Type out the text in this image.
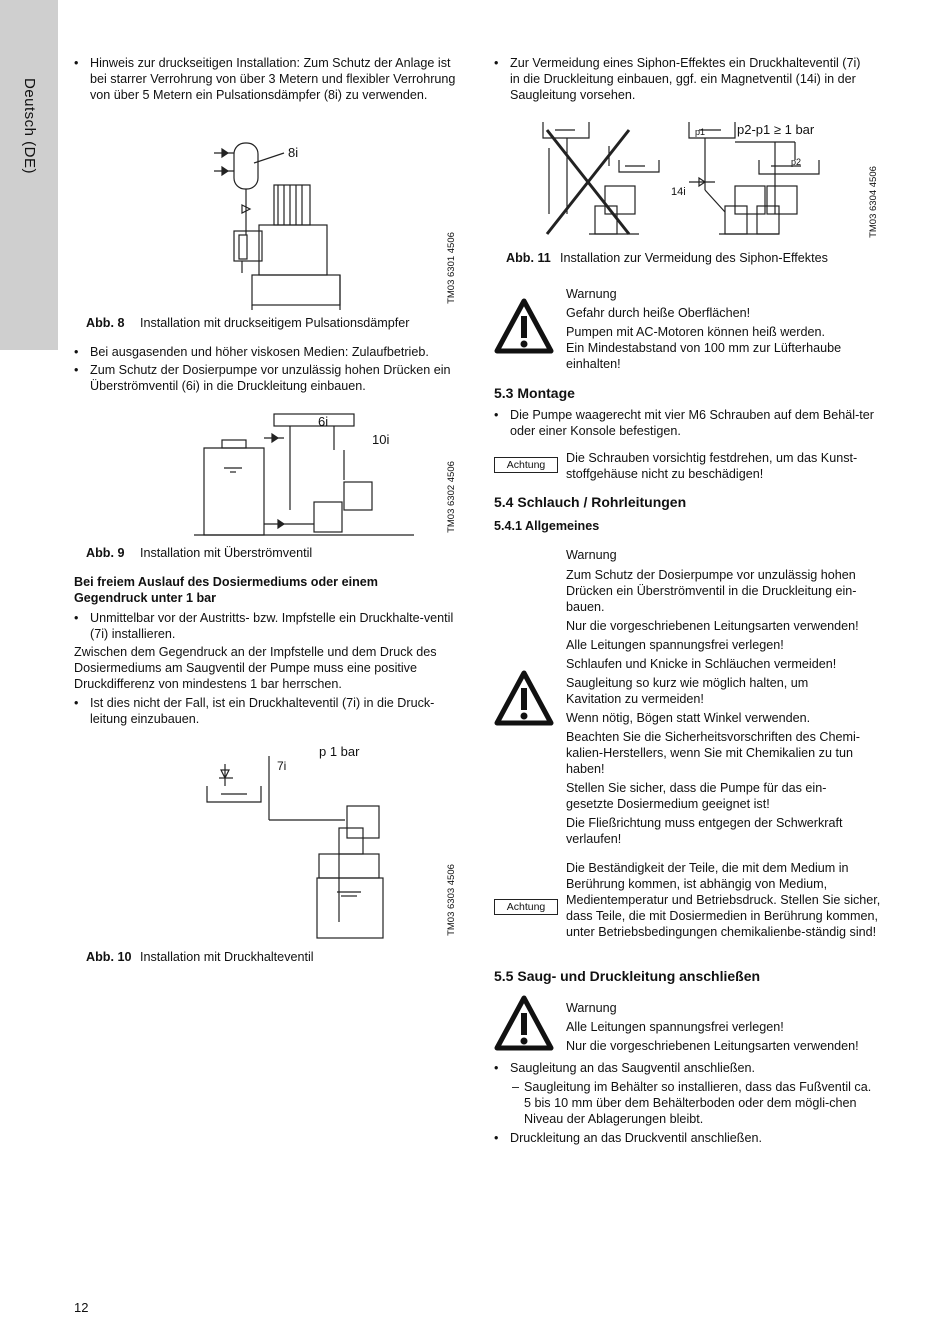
Deutsch (DE)
• Hinweis zur druckseitigen Installation: Zum Schutz der Anlage ist bei starrer Verrohrung von über 3 Metern und flexibler Verrohrung von über 5 Metern ein Pulsationsdämpfer (8i) zu verwenden.
8i
TM03 6301 4506
Abb. 8 Installation mit druckseitigem Pulsationsdämpfer
• Bei ausgasenden und höher viskosen Medien: Zulaufbetrieb.
• Zum Schutz der Dosierpumpe vor unzulässig hohen Drücken ein Überströmventil (6i) in die Druckleitung einbauen.
6i
10i
TM03 6302 4506
Abb. 9 Installation mit Überströmventil
Bei freiem Auslauf des Dosiermediums oder einem Gegendruck unter 1 bar
• Unmittelbar vor der Austritts- bzw. Impfstelle ein Druckhalte-ventil (7i) installieren.
Zwischen dem Gegendruck an der Impfstelle und dem Druck des Dosiermediums am Saugventil der Pumpe muss eine positive Druckdifferenz von mindestens 1 bar herrschen.
• Ist dies nicht der Fall, ist ein Druckhalteventil (7i) in die Druck-leitung einzubauen.
7i
p 1 bar
TM03 6303 4506
Abb. 10 Installation mit Druckhalteventil
• Zur Vermeidung eines Siphon-Effektes ein Druckhalteventil (7i) in die Druckleitung einbauen, ggf. ein Magnetventil (14i) in der Saugleitung vorsehen.
p1
p2
p2-p1 ≥ 1 bar
14i	TM03 6304 4506
Abb. 11 Installation zur Vermeidung des Siphon-Effektes
Warnung
Gefahr durch heiße Oberflächen!
Pumpen mit AC-Motoren können heiß werden.
Ein Mindestabstand von 100 mm zur Lüfterhaube einhalten!
5.3 Montage
• Die Pumpe waagerecht mit vier M6 Schrauben auf dem Behäl-ter oder einer Konsole befestigen.
Achtung	Die Schrauben vorsichtig festdrehen, um das Kunst-stoffgehäuse nicht zu beschädigen!
5.4 Schlauch / Rohrleitungen
5.4.1 Allgemeines
Warnung
Zum Schutz der Dosierpumpe vor unzulässig hohen Drücken ein Überströmventil in die Druckleitung ein-bauen.
Nur die vorgeschriebenen Leitungsarten verwenden!
Alle Leitungen spannungsfrei verlegen!
Schlaufen und Knicke in Schläuchen vermeiden!
Saugleitung so kurz wie möglich halten, um Kavitation zu vermeiden!
Wenn nötig, Bögen statt Winkel verwenden.
Beachten Sie die Sicherheitsvorschriften des Chemi-kalien-Herstellers, wenn Sie mit Chemikalien zu tun haben!
Stellen Sie sicher, dass die Pumpe für das ein-gesetzte Dosiermedium geeignet ist!
Die Fließrichtung muss entgegen der Schwerkraft verlaufen!
Achtung
Die Beständigkeit der Teile, die mit dem Medium in Berührung kommen, ist abhängig von Medium, Medientemperatur und Betriebsdruck. Stellen Sie sicher, dass Teile, die mit Dosiermedien in Berührung kommen, unter Betriebsbedingungen chemikalienbe-ständig sind!
5.5 Saug- und Druckleitung anschließen
Warnung
Alle Leitungen spannungsfrei verlegen!
Nur die vorgeschriebenen Leitungsarten verwenden!
• Saugleitung an das Saugventil anschließen.
– Saugleitung im Behälter so installieren, dass das Fußventil ca. 5 bis 10 mm über dem Behälterboden oder dem mögli-chen Niveau der Ablagerungen bleibt.
• Druckleitung an das Druckventil anschließen.
12
